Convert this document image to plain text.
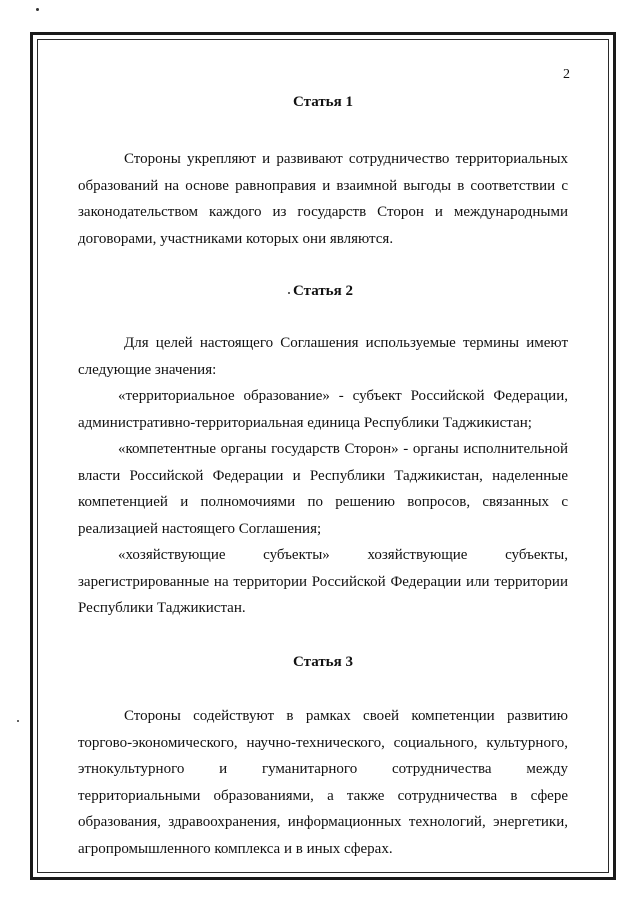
2

Статья 1

Стороны укрепляют и развивают сотрудничество территориальных образований на основе равноправия и взаимной выгоды в соответствии с законодательством каждого из государств Сторон и международными договорами, участниками которых они являются.

Статья 2

Для целей настоящего Соглашения используемые термины имеют следующие значения:

«территориальное образование» - субъект Российской Федерации, административно-территориальная единица Республики Таджикистан;

«компетентные органы государств Сторон» - органы исполнительной власти Российской Федерации и Республики Таджикистан, наделенные компетенцией и полномочиями по решению вопросов, связанных с реализацией настоящего Соглашения;

«хозяйствующие субъекты» хозяйствующие субъекты, зарегистрированные на территории Российской Федерации или территории Республики Таджикистан.

Статья 3

Стороны содействуют в рамках своей компетенции развитию торгово-экономического, научно-технического, социального, культурного, этнокультурного и гуманитарного сотрудничества между территориальными образованиями, а также сотрудничества в сфере образования, здравоохранения, информационных технологий, энергетики, агропромышленного комплекса и в иных сферах.
